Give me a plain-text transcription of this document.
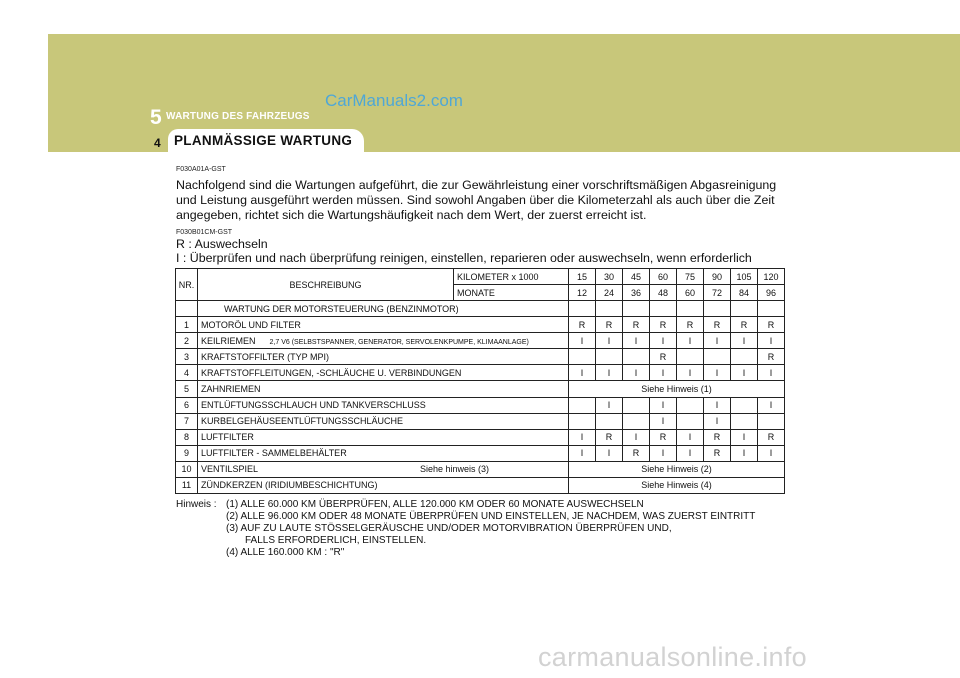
CarManuals2.com
5 WARTUNG DES FAHRZEUGS
4 PLANMÄSSIGE WARTUNG
F030A01A-GST
Nachfolgend sind die Wartungen aufgeführt, die zur Gewährleistung einer vorschriftsmäßigen Abgasreinigung und Leistung ausgeführt werden müssen. Sind sowohl Angaben über die Kilometerzahl als auch über die Zeit angegeben, richtet sich die Wartungshäufigkeit nach dem Wert, der zuerst erreicht ist.
F030B01CM-GST
R : Auswechseln
I : Überprüfen und nach überprüfung reinigen, einstellen, reparieren oder auswechseln, wenn erforderlich
NR.	BESCHREIBUNG	KILOMETER x 1000	15	30	45	60	75	90	105	120
		MONATE	12	24	36	48	60	72	84	96
	WARTUNG DER MOTORSTEUERUNG (BENZINMOTOR)									
1	MOTORÖL UND FILTER		R	R	R	R	R	R	R	R
2	KEILRIEMEN 2,7 V6 (SELBSTSPANNER, GENERATOR, SERVOLENKPUMPE, KLIMAANLAGE)		I	I	I	I	I	I	I	I
3	KRAFTSTOFFILTER (TYP MPI)					R				R
4	KRAFTSTOFFLEITUNGEN, -SCHLÄUCHE U. VERBINDUNGEN		I	I	I	I	I	I	I	I
5	ZAHNRIEMEN		Siehe Hinweis (1)							
6	ENTLÜFTUNGSSCHLAUCH UND TANKVERSCHLUSS			I		I		I		I
7	KURBELGEHÄUSEENTLÜFTUNGSSCHLÄUCHE					I		I		
8	LUFTFILTER		I	R	I	R	I	R	I	R
9	LUFTFILTER - SAMMELBEHÄLTER		I	I	R	I	I	R	I	I
10	VENTILSPIEL Siehe hinweis (3)		Siehe Hinweis (2)							
11	ZÜNDKERZEN (IRIDIUMBESCHICHTUNG)		Siehe Hinweis (4)							
Hinweis : (1) ALLE 60.000 KM ÜBERPRÜFEN, ALLE 120.000 KM ODER 60 MONATE AUSWECHSELN
(2) ALLE 96.000 KM ODER 48 MONATE ÜBERPRÜFEN UND EINSTELLEN, JE NACHDEM, WAS ZUERST EINTRITT
(3) AUF ZU LAUTE STÖSSELGERÄUSCHE UND/ODER MOTORVIBRATION ÜBERPRÜFEN UND,
FALLS ERFORDERLICH, EINSTELLEN.
(4) ALLE 160.000 KM : "R"
carmanualsonline.info
